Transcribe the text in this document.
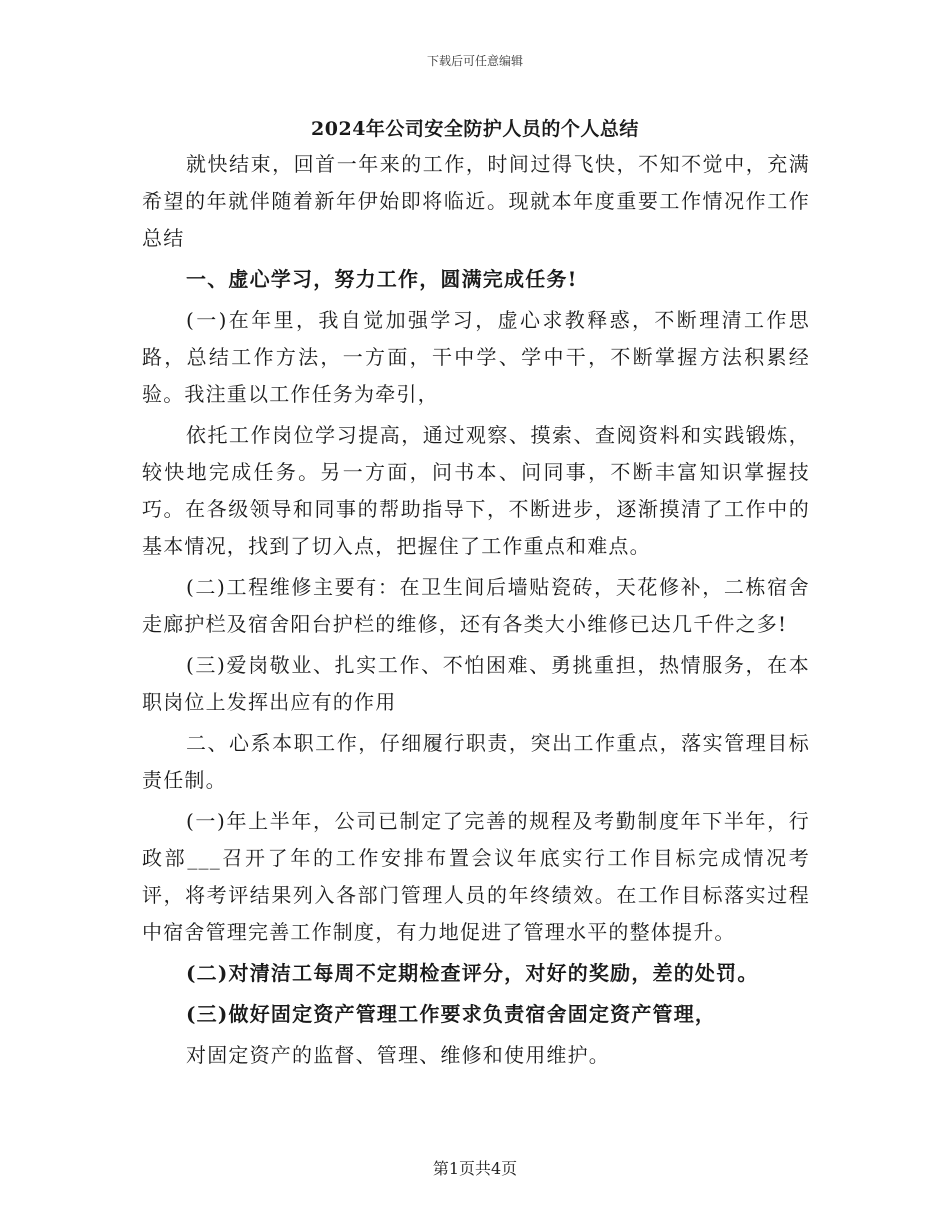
下载后可任意编辑
2024年公司安全防护人员的个人总结

就快结束，回首一年来的工作，时间过得飞快，不知不觉中，充满希望的年就伴随着新年伊始即将临近。现就本年度重要工作情况作工作总结

一、虚心学习，努力工作，圆满完成任务!

(一)在年里，我自觉加强学习，虚心求教释惑，不断理清工作思路，总结工作方法，一方面，干中学、学中干，不断掌握方法积累经验。我注重以工作任务为牵引，

依托工作岗位学习提高，通过观察、摸索、查阅资料和实践锻炼，较快地完成任务。另一方面，问书本、问同事，不断丰富知识掌握技巧。在各级领导和同事的帮助指导下，不断进步，逐渐摸清了工作中的基本情况，找到了切入点，把握住了工作重点和难点。

(二)工程维修主要有：在卫生间后墙贴瓷砖，天花修补，二栋宿舍走廊护栏及宿舍阳台护栏的维修，还有各类大小维修已达几千件之多!

(三)爱岗敬业、扎实工作、不怕困难、勇挑重担，热情服务，在本职岗位上发挥出应有的作用

二、心系本职工作，仔细履行职责，突出工作重点，落实管理目标责任制。

(一)年上半年，公司已制定了完善的规程及考勤制度年下半年，行政部___召开了年的工作安排布置会议年底实行工作目标完成情况考评，将考评结果列入各部门管理人员的年终绩效。在工作目标落实过程中宿舍管理完善工作制度，有力地促进了管理水平的整体提升。

(二)对清洁工每周不定期检查评分，对好的奖励，差的处罚。

(三)做好固定资产管理工作要求负责宿舍固定资产管理，

对固定资产的监督、管理、维修和使用维护。

第1页共4页
